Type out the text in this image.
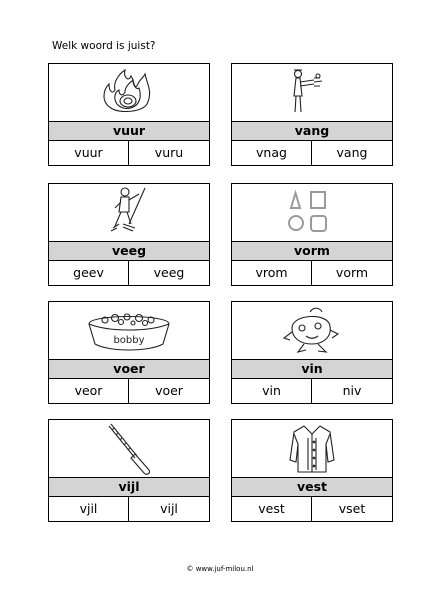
Welk woord is juist?
vuur
vuur	vuru
vang
vnag	vang
veeg
geev	veeg
vorm
vrom	vorm
bobby
voer
veor	voer
vin
vin	niv
vijl
vjil	vijl
vest
vest	vset
© www.juf-milou.nl
